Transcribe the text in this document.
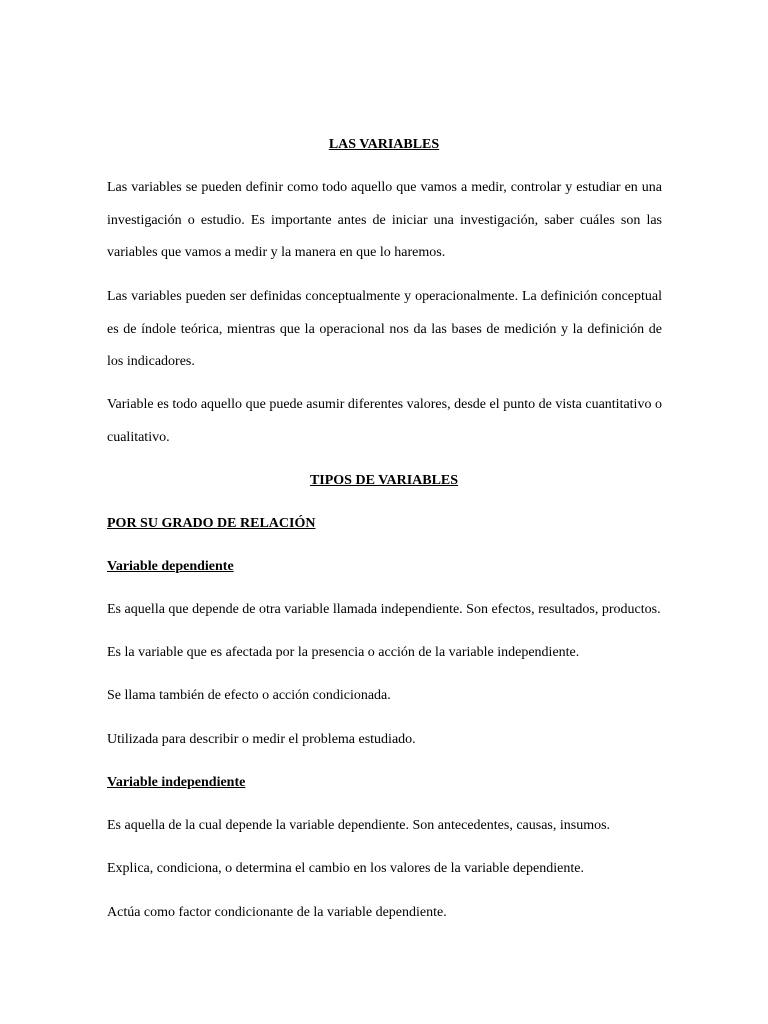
LAS VARIABLES

Las variables se pueden definir como todo aquello que vamos a medir, controlar y estudiar en una investigación o estudio. Es importante antes de iniciar una investigación, saber cuáles son las variables que vamos a medir y la manera en que lo haremos.

Las variables pueden ser definidas conceptualmente y operacionalmente. La definición conceptual es de índole teórica, mientras que la operacional nos da las bases de medición y la definición de los indicadores.

Variable es todo aquello que puede asumir diferentes valores, desde el punto de vista cuantitativo o cualitativo.

TIPOS DE VARIABLES
POR SU GRADO DE RELACIÓN
Variable dependiente
Es aquella que depende de otra variable llamada independiente. Son efectos, resultados, productos.
Es la variable que es afectada por la presencia o acción de la variable independiente.
Se llama también de efecto o acción condicionada.
Utilizada para describir o medir el problema estudiado.
Variable independiente
Es aquella de la cual depende la variable dependiente. Son antecedentes, causas, insumos.
Explica, condiciona, o determina el cambio en los valores de la variable dependiente.
Actúa como factor condicionante de la variable dependiente.
